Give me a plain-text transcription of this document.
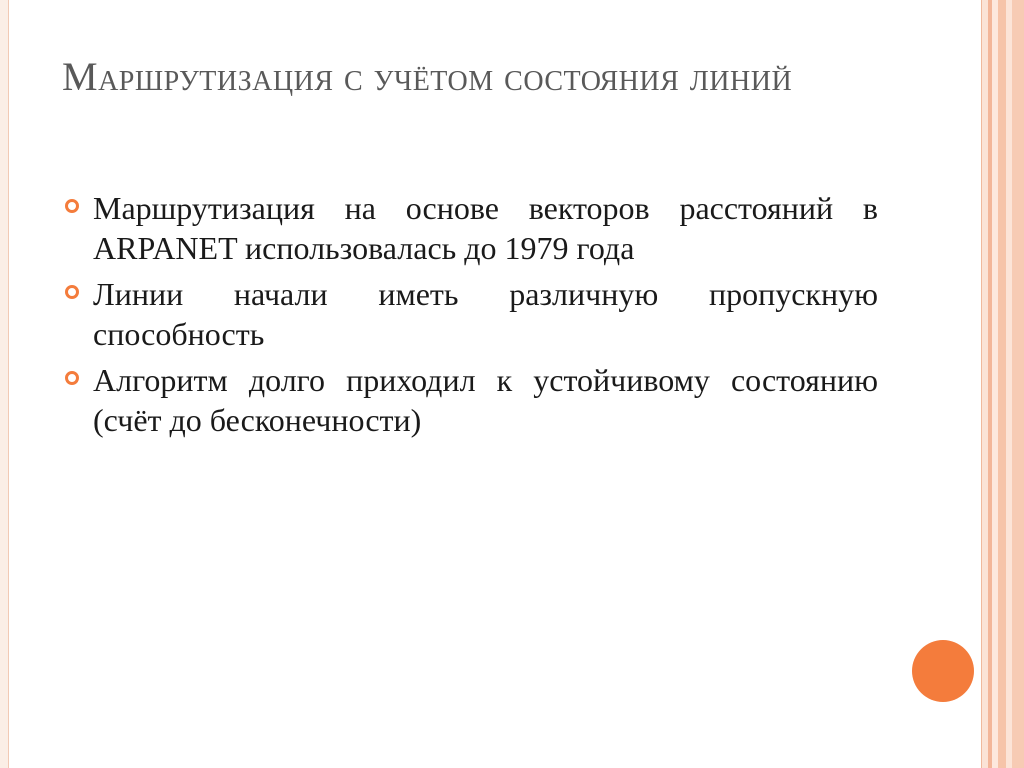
Маршрутизация с учётом состояния линий
Маршрутизация на основе векторов расстояний в ARPANET использовалась до 1979 года
Линии начали иметь различную пропускную способность
Алгоритм долго приходил к устойчивому состоянию (счёт до бесконечности)
